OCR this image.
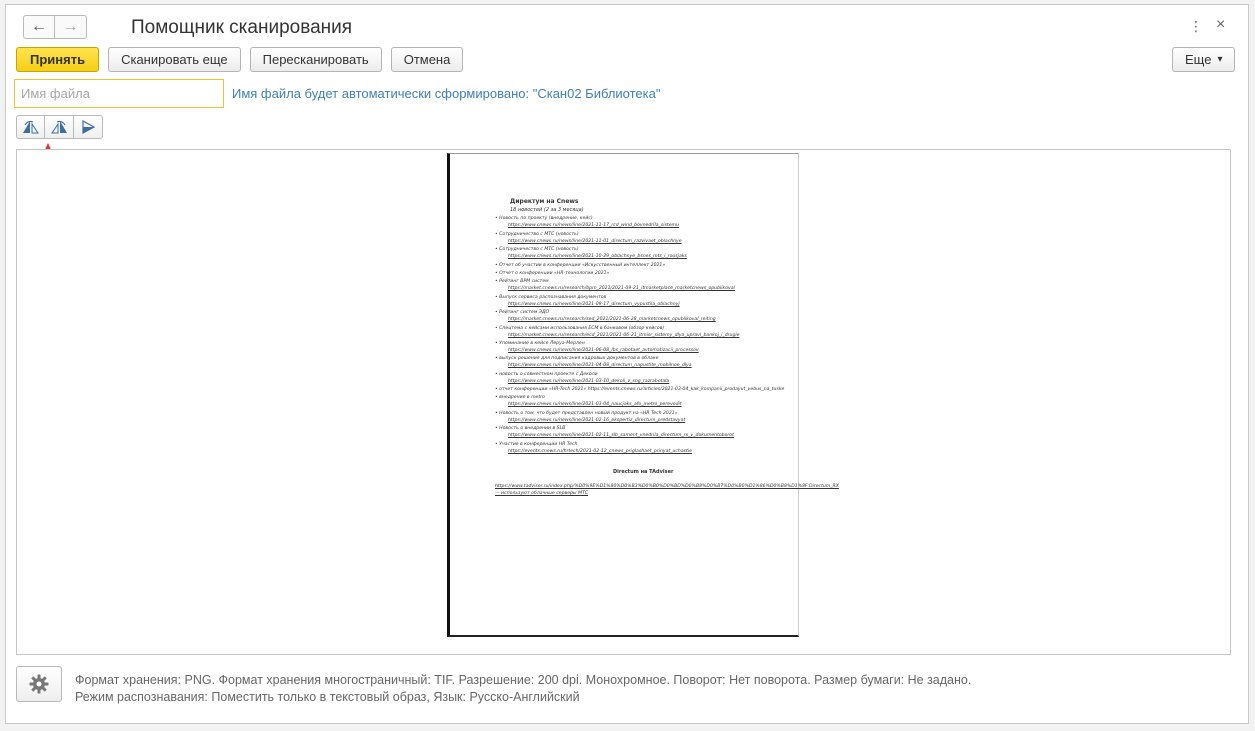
← →	Помощник сканирования	⋮ ×
Принять	Сканировать еще	Пересканировать	Отмена	Еще ▾
Имя файла
Имя файла будет автоматически сформировано: "Скан02 Библиотека"
Директум на Cnews
18 новостей (2 за 3 месяца)
• Новость по проекту (внедрение, кейс)
https://www.cnews.ru/news/line/2021-11-17_rcd_wind_bovnedrila_sistemu
• Сотрудничество с МТС (новость)
https://www.cnews.ru/news/line/2021-11-01_directum_razvivaet_oblachnye
• Сотрудничество с МТС (новость)
https://www.cnews.ru/news/line/2021-10-29_oblachnye_bsnes_mts_i_rousjaks
• Отчет об участии в конференции «Искусственный интеллект 2021»
• Отчет о конференции «HR-технологии 2021»
• Рейтинг BPM систем
https://market.cnews.ru/research/bpm_2021/2021-09-21_itmarketplace_marketcnews_opublikoval
• Выпуск сервиса распознавания документов
https://www.cnews.ru/news/line/2021-09-17_directum_vypustila_oblachnyj
• Рейтинг систем ЭДО
https://market.cnews.ru/research/sed_2021/2021-06-28_marketcnews_opublikoval_reiting
• Спецтема с кейсами использования ECM в банковом (обзор кейсов)
https://market.cnews.ru/research/ecd_2021/2021-06-21_itmisr_sistemy_dlya_upravl_bankoj_i_drugie
• Упоминание в кейсе Леруа-Мерлен
https://www.cnews.ru/news/line/2021-06-08_lbs_rabotaet_avtomatizacii_processov
• выпуск решения для подписания кадровых документов в облаке
https://www.cnews.ru/news/line/2021-04-08_directum_napustite_mobilnoe_dlya
• новость о совместном проекте с Деколи
https://www.cnews.ru/news/line/2021-03-10_dekoli_v_sng_razrabotala
• отчет конференции «HR-Tech 2021» https://events.cnews.ru/articles/2021-03-04_kak_kompanii_prodayut_vebus_na_tuske
• внедрение в metro
https://www.cnews.ru/news/line/2021-03-04_naucjaks_afo_metro_perevodit
• Новость о том, что будет представлен новый продукт на «HR Tech 2021»
https://www.cnews.ru/news/line/2021-02-16_ekspertiz_directum_predstavyat
• Новость о внедрении в SLB
https://www.cnews.ru/news/line/2021-02-11_slb_sament_vnedrila_directum_rx_v_dokumentoborot
• Участие в конференции HR Tech
https://events.cnews.ru/hrtech/2021-02-12_cnews_priglashaet_prinyat_uchastie
Directum на TAdviser
https://www.tadviser.ru/index.php/%D0%9E%D1%80%D0%B3%D0%B0%D0%BD%D0%B8%D0%B7%D0%B0%D1%86%D0%B8%D1%8F:Directum_RX — используют облачные серверы МТС
Формат хранения: PNG. Формат хранения многостраничный: TIF. Разрешение: 200 dpi. Монохромное. Поворот: Нет поворота. Размер бумаги: Не задано.
Режим распознавания: Поместить только в текстовый образ, Язык: Русско-Английский
